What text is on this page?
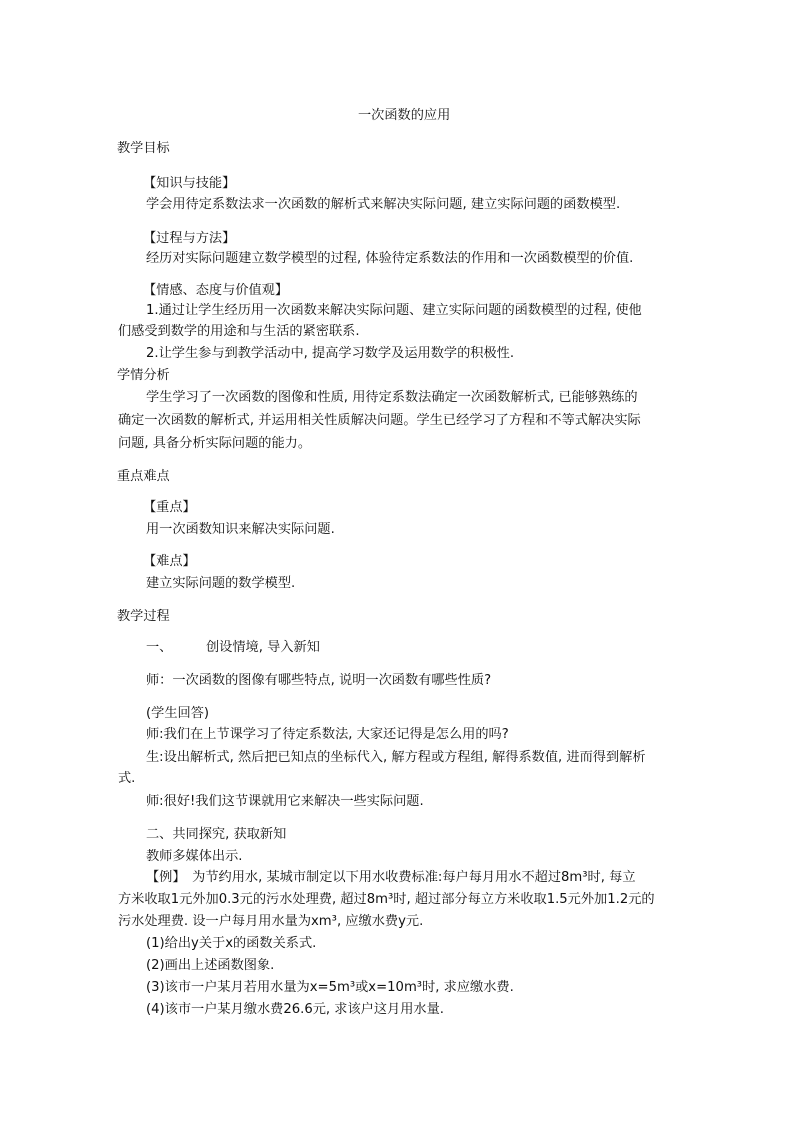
一次函数的应用
教学目标
【知识与技能】
学会用待定系数法求一次函数的解析式来解决实际问题, 建立实际问题的函数模型.
【过程与方法】
经历对实际问题建立数学模型的过程, 体验待定系数法的作用和一次函数模型的价值.
【情感、态度与价值观】
1.通过让学生经历用一次函数来解决实际问题、建立实际问题的函数模型的过程, 使他
们感受到数学的用途和与生活的紧密联系.
2.让学生参与到教学活动中, 提高学习数学及运用数学的积极性.
学情分析
学生学习了一次函数的图像和性质, 用待定系数法确定一次函数解析式, 已能够熟练的
确定一次函数的解析式, 并运用相关性质解决问题。学生已经学习了方程和不等式解决实际
问题, 具备分析实际问题的能力。
重点难点
【重点】
用一次函数知识来解决实际问题.
【难点】
建立实际问题的数学模型.
教学过程
一、	创设情境, 导入新知
师：一次函数的图像有哪些特点, 说明一次函数有哪些性质?
(学生回答)
师:我们在上节课学习了待定系数法, 大家还记得是怎么用的吗?
生:设出解析式, 然后把已知点的坐标代入, 解方程或方程组, 解得系数值, 进而得到解析
式.
师:很好!我们这节课就用它来解决一些实际问题.
二、共同探究, 获取新知
教师多媒体出示.
【例】　为节约用水, 某城市制定以下用水收费标准:每户每月用水不超过8m³时, 每立
方米收取1元外加0.3元的污水处理费, 超过8m³时, 超过部分每立方米收取1.5元外加1.2元的
污水处理费. 设一户每月用水量为xm³, 应缴水费y元.
(1)给出y关于x的函数关系式.
(2)画出上述函数图象.
(3)该市一户某月若用水量为x=5m³或x=10m³时, 求应缴水费.
(4)该市一户某月缴水费26.6元, 求该户这月用水量.
